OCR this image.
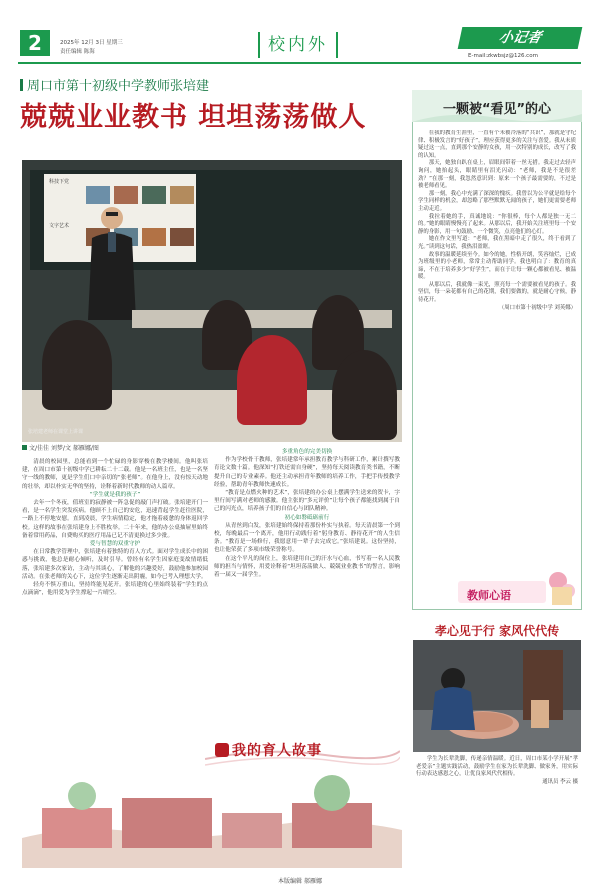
2	2025年 12月 3日 星期三
责任编辑 陈海	校内外	小记者
E-mail:zkwbsjz@126.com
周口市第十初级中学教师张培建
兢兢业业教书 坦坦荡荡做人
科技下党
文字艺术
张培建老师在课堂上讲课
文/佳佳 刘梦/文 郝雁娜/图

清晨的校园里，总能看到一个忙碌的身影穿梭在教学楼间。他叫张培建，在周口市第十初级中学已耕耘二十二载。他是一名班主任，也是一名坚守一线的教师，更是学生们口中亲切的“张老师”。在他身上，没有惊天动地的壮举，却以朴实无华的坚持，诠释着新时代教师的动人篇章。

“学生就是我的孩子”

去年一个冬夜，值班室的寂静被一阵急促的敲门声打破。张培建开门一看，是一名学生突发疾病。他顾不上自己的安危，迅速背起学生赶往医院，一路上不停地安慰。直到凌晨，学生病情稳定，他才拖着疲惫的身体返回学校。这样的故事在张培建身上不胜枚举。二十年来，他的办公桌抽屉里始终备着常用药品，自费购买的医疗用品已记不清更换过多少批。

爱与智慧的双重守护

在日常教学管理中，张培建有着独特的育人方式。面对学生成长中的困惑与挑战，他总是耐心倾听，及时引导。曾经有名学生因家庭变故情绪低落，张培建多次家访，主动与其谈心，了解他的兴趣爱好，鼓励他参加校园活动。在张老师的关心下，这位学生逐渐走出阴霾，如今已考入理想大学。

轻舟不惧万重山，坚持终能见花开。张培建的心里始终装着“学生的点点滴滴”，他用爱为学生撑起一片晴空。

多重角色的完美切换

作为学校骨干教师，张培建常年承担教育教学与科研工作，累计撰写教育论文数十篇。他深知“打铁还需自身硬”，坚持每天阅读教育类书籍，不断提升自己的专业素养。他还主动承担青年教师的培养工作，手把手传授教学经验，帮助青年教师快速成长。

“教育是点燃火种的艺术”，张培建的办公桌上摆满学生送来的贺卡，字里行间写满对老师的感激。他主张的“多元评价”让每个孩子都能找到属于自己的闪光点，培养孩子们的自信心与团队精神。

初心如磐砥砺前行

从青丝到白发，张培建始终保持着那份朴实与执着。每天清晨第一个到校，每晚最后一个离开，他用行动践行着“躬身教育、静待花开”的人生信条。“教育是一场修行，我愿意用一辈子去完成它。”张培建说。这份坚持，也让他荣获了多项市级荣誉称号。

在这个平凡的岗位上，张培建用自己的汗水与心血，书写着一名人民教师的担当与情怀，用爱诠释着“坦坦荡荡做人、兢兢业业教书”的誓言，影响着一届又一届学生。

我的育人故事
一颗被“看见”的心

在我的教育生涯里，一直有个未被冷落的“共识”，那就是守纪律、积极发言的“好孩子”，理应获得更多的关注与喜爱。我从未质疑过这一点，直到那个安静的女孩，用一次特别的成长，改写了我的认知。

那天，她独自趴在桌上，眉眼间带着一丝无措。我走过去轻声询问，她抬起头，眼睛里有泪光闪动：“老师，我是不是很差劲？”在那一刻，我忽然意识到：原来一个孩子最需要的，不过是被老师看见。

那一刻，我心中充满了深深的愧疚。我曾以为公平就是给每个学生同样的机会，却忽略了那些默默无闻的孩子，她们更需要老师主动走近。

我拉着她的手，真诚地说：“你很棒，每个人都是独一无二的。”她的眼睛慢慢亮了起来。从那以后，我开始关注班里每一个安静的身影，用一句鼓励、一个微笑，点亮他们的心灯。

她在作文里写道：“老师，我在黑暗中走了很久，终于看到了光。”读到这句话，我热泪盈眶。

故事的温暖延续至今。如今的她，性格开朗，笑容灿烂，已成为班级里的小老师，常常主动帮助同学。我也明白了：教育的真谛，不在于培养多少“好学生”，而在于让每一颗心都被看见、被温暖。

从那以后，我就像一束光，照亮每一个需要被看见的孩子。我坚信，每一朵花都有自己的花期，我们要做的，就是耐心守候，静待花开。

（周口市第十初级中学 刘英娜）

教师心语
孝心见于行 家风代代传

学生为长辈洗脚，传递亲情温暖。近日，周口市某小学开展“孝老爱亲”主题实践活动，鼓励学生在家为长辈洗脚、做家务，用实际行动表达感恩之心，让优良家风代代相传。

通讯员 李云 摄

本版编辑 郝雁娜
